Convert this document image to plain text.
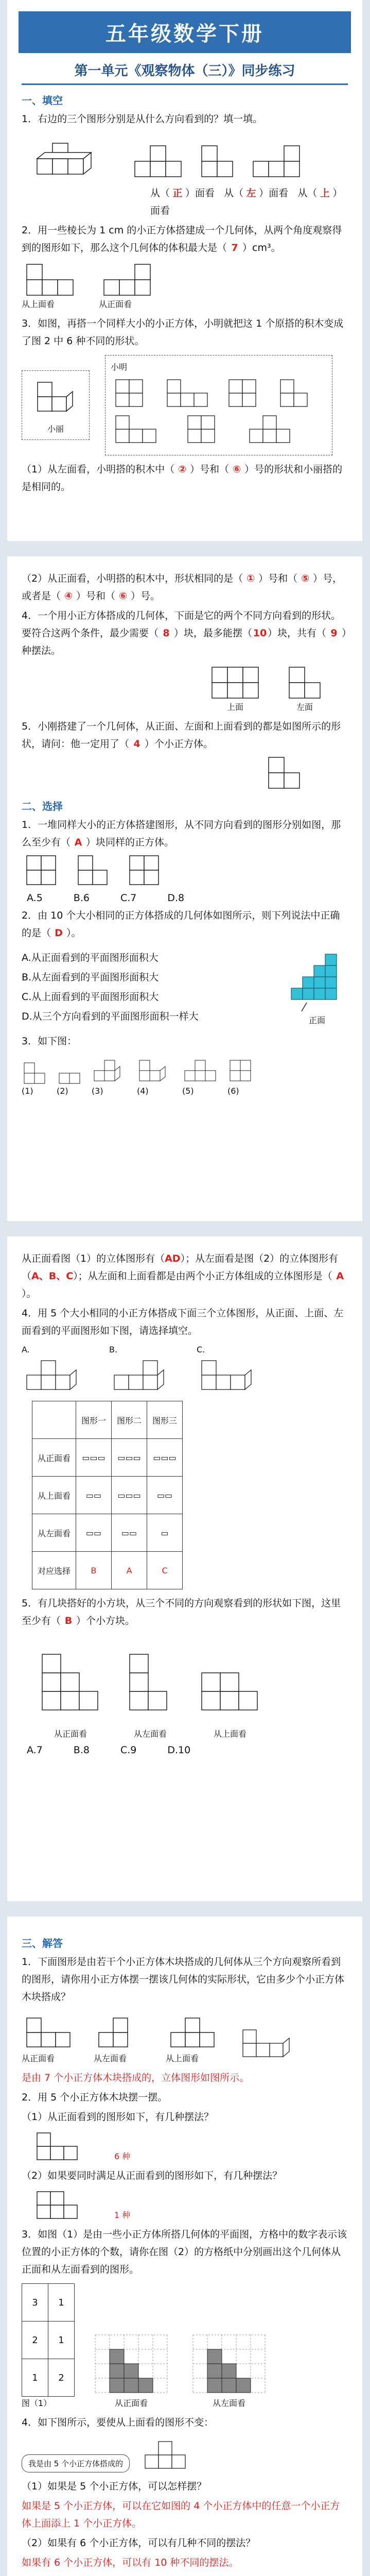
五年级数学下册
第一单元《观察物体（三）》同步练习
一、填空
1．右边的三个图形分别是从什么方向看到的？填一填。
从（ 正 ）面看 从（ 左 ）面看 从（ 上 ）面看
2．用一些棱长为 1 cm 的小正方体搭建成一个几何体，从两个角度观察得到的图形如下，那么这个几何体的体积最大是（ 7 ）cm³。
从上面看	从正面看
3．如图，再搭一个同样大小的小正方体，小明就把这 1 个原搭的积木变成了图 2 中 6 种不同的形状。
小丽
小明
（1）从左面看，小明搭的积木中（ ② ）号和（ ⑥ ）号的形状和小丽搭的是相同的。
（2）从正面看，小明搭的积木中，形状相同的是（ ① ）号和（ ⑤ ）号，或者是（ ④ ）号和（ ⑥ ）号。
4．一个用小正方体搭成的几何体，下面是它的两个不同方向看到的形状。要符合这两个条件，最少需要（ 8 ）块，最多能摆（10）块，共有（ 9 ）种摆法。
上面	左面
5．小刚搭建了一个几何体，从正面、左面和上面看到的都是如图所示的形状，请问：他一定用了（ 4 ）个小正方体。
二、选择
1．一堆同样大小的正方体搭建图形，从不同方向看到的图形分别如图，那么至少有（ A ）块同样的正方体。
A.5	B.6	C.7	D.8
2．由 10 个大小相同的正方体搭成的几何体如图所示，则下列说法中正确的是（ D ）。
A.从正面看到的平面图形面积大
B.从左面看到的平面图形面积大
C.从上面看到的平面图形面积大
D.从三个方向看到的平面图形面积一样大	正面
3．如下图：
(1)	(2)	(3)	(4)	(5)	(6)
从正面看图（1）的立体图形有（AD）；从左面看是图（2）的立体图形有（A、B、C）；从左面和上面看都是由两个小正方体组成的立体图形是（ A）。
4．用 5 个大小相同的小正方体搭成下面三个立体图形，从正面、上面、左面看到的平面图形如下图，请选择填空。
A.	B.	C.
	图形一	图形二	图形三
从正面看	▭▭▭	▭▭▭	▭▭▭
从上面看	▭▭	▭▭▭	▭▭
从左面看	▭▭	▭▭	▭
对应选择	B	A	C
5．有几块搭好的小方块，从三个不同的方向观察看到的形状如下图，这里至少有（ B ）个小方块。
从正面看	从左面看	从上面看
A.7	B.8	C.9	D.10
三、解答
1．下面图形是由若干个小正方体木块搭成的几何体从三个方向观察所看到的图形，请你用小正方体摆一摆该几何体的实际形状，它由多少个小正方体木块搭成？
从正面看	从左面看	从上面看
是由 7 个小正方体木块搭成的，立体图形如图所示。
2．用 5 个小正方体木块摆一摆。
（1）从正面看到的图形如下，有几种摆法？
6 种
（2）如果要同时满足从正面看到的图形如下，有几种摆法？
1 种
3．如图（1）是由一些小正方体所搭几何体的平面图，方格中的数字表示该位置的小正方体的个数，请你在图（2）的方格纸中分别画出这个几何体从正面和从左面看到的图形。
3	1
2	1
1	2
图（1）	从正面看	从左面看
4．如下图所示，要使从上面看的图形不变：
我是由 5 个小正方体搭成的
（1）如果是 5 个小正方体，可以怎样摆？
如果是 5 个小正方体，可以在它如图的 4 个小正方体中的任意一个小正方体上面添上 1 个小正方体。
（2）如果有 6 个小正方体，可以有几种不同的摆法？
如果有 6 个小正方体，可以有 10 种不同的摆法。
